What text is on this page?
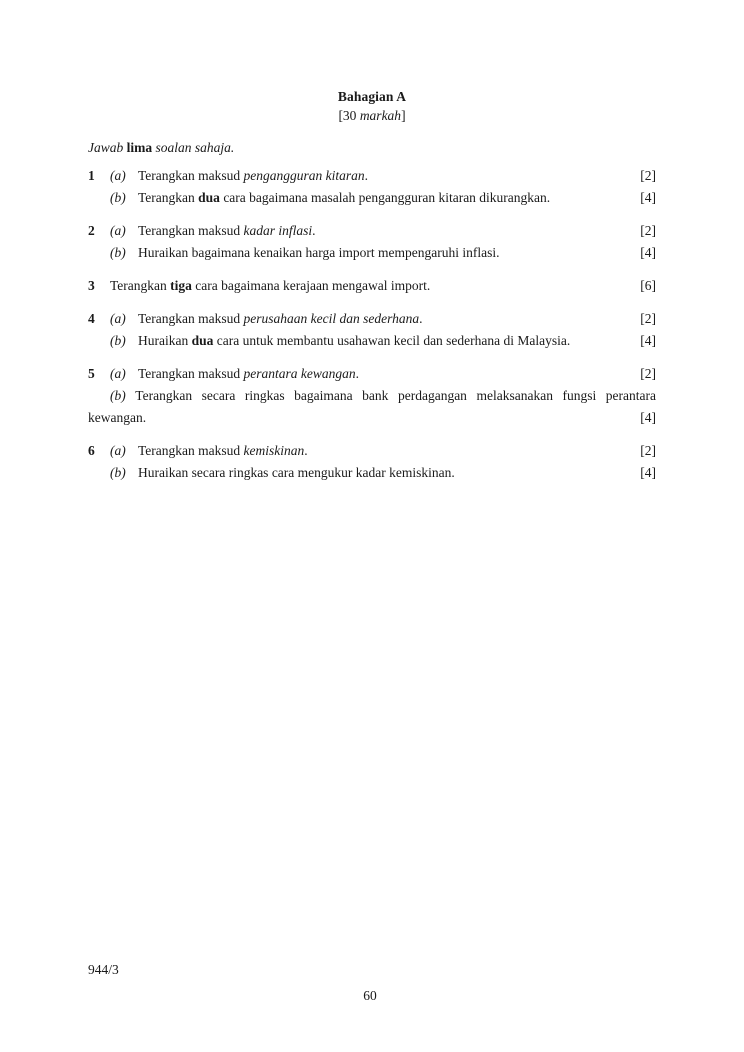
Bahagian A
[30 markah]
Jawab lima soalan sahaja.
1	(a) Terangkan maksud pengangguran kitaran.	[2]
(b) Terangkan dua cara bagaimana masalah pengangguran kitaran dikurangkan.	[4]
2	(a) Terangkan maksud kadar inflasi.	[2]
(b) Huraikan bagaimana kenaikan harga import mempengaruhi inflasi.	[4]
3	Terangkan tiga cara bagaimana kerajaan mengawal import.	[6]
4	(a) Terangkan maksud perusahaan kecil dan sederhana.	[2]
(b) Huraikan dua cara untuk membantu usahawan kecil dan sederhana di Malaysia.	[4]
5	(a) Terangkan maksud perantara kewangan.	[2]
(b) Terangkan secara ringkas bagaimana bank perdagangan melaksanakan fungsi perantara
kewangan.	[4]
6	(a) Terangkan maksud kemiskinan.	[2]
(b) Huraikan secara ringkas cara mengukur kadar kemiskinan.	[4]
944/3
60
